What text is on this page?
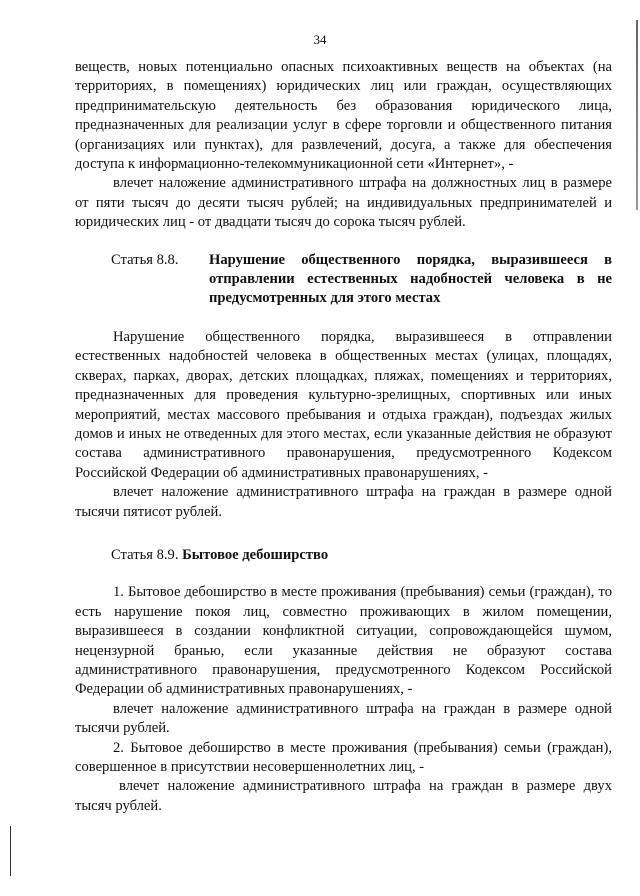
34

веществ, новых потенциально опасных психоактивных веществ на объектах (на территориях, в помещениях) юридических лиц или граждан, осуществляющих предпринимательскую деятельность без образования юридического лица, предназначенных для реализации услуг в сфере торговли и общественного питания (организациях или пунктах), для развлечений, досуга, а также для обеспечения доступа к информационно-телекоммуникационной сети «Интернет», -

влечет наложение административного штрафа на должностных лиц в размере от пяти тысяч до десяти тысяч рублей; на индивидуальных предпринимателей и юридических лиц - от двадцати тысяч до сорока тысяч рублей.

Статья 8.8.	Нарушение общественного порядка, выразившееся в отправлении естественных надобностей человека в не предусмотренных для этого местах

Нарушение общественного порядка, выразившееся в отправлении естественных надобностей человека в общественных местах (улицах, площадях, скверах, парках, дворах, детских площадках, пляжах, помещениях и территориях, предназначенных для проведения культурно-зрелищных, спортивных или иных мероприятий, местах массового пребывания и отдыха граждан), подъездах жилых домов и иных не отведенных для этого местах, если указанные действия не образуют состава административного правонарушения, предусмотренного Кодексом Российской Федерации об административных правонарушениях, -

влечет наложение административного штрафа на граждан в размере одной тысячи пятисот рублей.

Статья 8.9. Бытовое дебоширство

1. Бытовое дебоширство в месте проживания (пребывания) семьи (граждан), то есть нарушение покоя лиц, совместно проживающих в жилом помещении, выразившееся в создании конфликтной ситуации, сопровождающейся шумом, нецензурной бранью, если указанные действия не образуют состава административного правонарушения, предусмотренного Кодексом Российской Федерации об административных правонарушениях, -

влечет наложение административного штрафа на граждан в размере одной тысячи рублей.

2. Бытовое дебоширство в месте проживания (пребывания) семьи (граждан), совершенное в присутствии несовершеннолетних лиц, -

влечет наложение административного штрафа на граждан в размере двух тысяч рублей.
